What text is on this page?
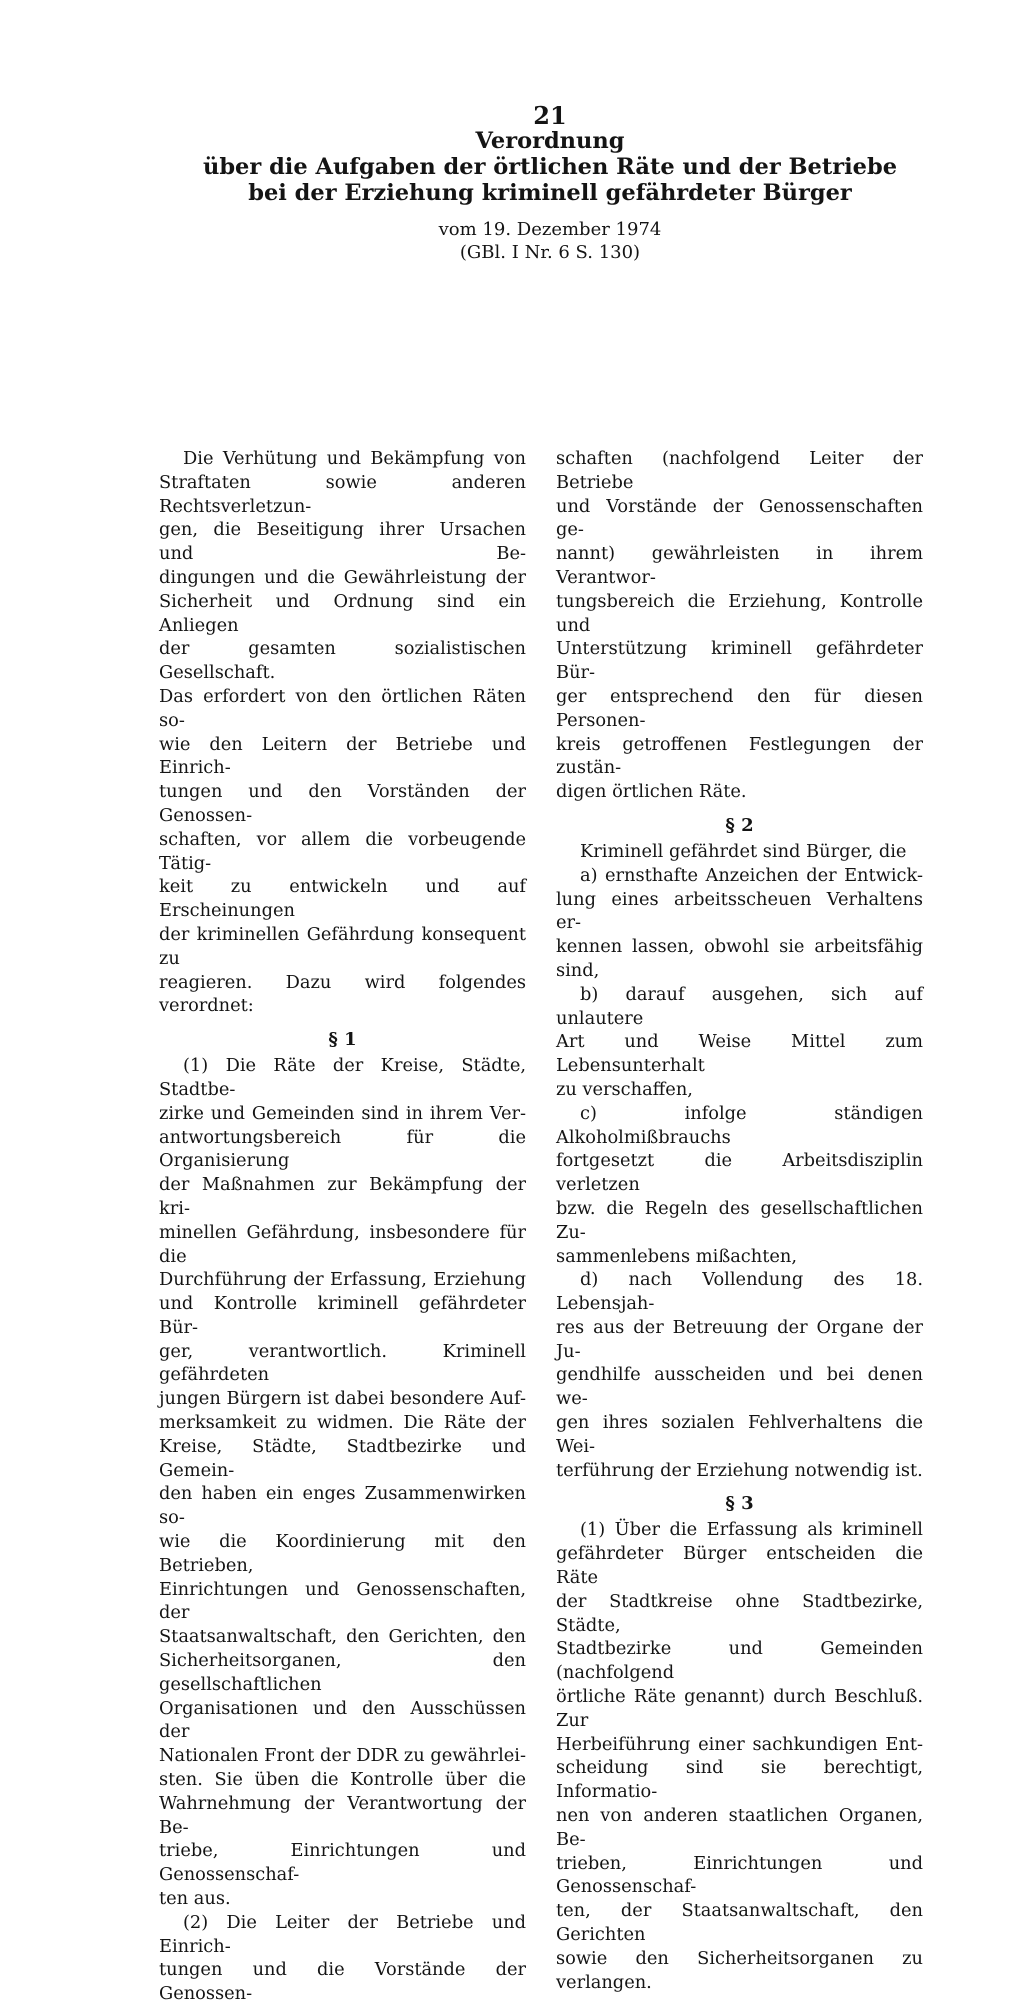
21
Verordnung
über die Aufgaben der örtlichen Räte und der Betriebe
bei der Erziehung kriminell gefährdeter Bürger
vom 19. Dezember 1974
(GBl. I Nr. 6 S. 130)
Die Verhütung und Bekämpfung von
Straftaten sowie anderen Rechtsverletzun-
gen, die Beseitigung ihrer Ursachen und Be-
dingungen und die Gewährleistung der
Sicherheit und Ordnung sind ein Anliegen
der gesamten sozialistischen Gesellschaft.
Das erfordert von den örtlichen Räten so-
wie den Leitern der Betriebe und Einrich-
tungen und den Vorständen der Genossen-
schaften, vor allem die vorbeugende Tätig-
keit zu entwickeln und auf Erscheinungen
der kriminellen Gefährdung konsequent zu
reagieren. Dazu wird folgendes verordnet:
§ 1
(1) Die Räte der Kreise, Städte, Stadtbe-
zirke und Gemeinden sind in ihrem Ver-
antwortungsbereich für die Organisierung
der Maßnahmen zur Bekämpfung der kri-
minellen Gefährdung, insbesondere für die
Durchführung der Erfassung, Erziehung
und Kontrolle kriminell gefährdeter Bür-
ger, verantwortlich. Kriminell gefährdeten
jungen Bürgern ist dabei besondere Auf-
merksamkeit zu widmen. Die Räte der
Kreise, Städte, Stadtbezirke und Gemein-
den haben ein enges Zusammenwirken so-
wie die Koordinierung mit den Betrieben,
Einrichtungen und Genossenschaften, der
Staatsanwaltschaft, den Gerichten, den
Sicherheitsorganen, den gesellschaftlichen
Organisationen und den Ausschüssen der
Nationalen Front der DDR zu gewährlei-
sten. Sie üben die Kontrolle über die
Wahrnehmung der Verantwortung der Be-
triebe, Einrichtungen und Genossenschaf-
ten aus.
(2) Die Leiter der Betriebe und Einrich-
tungen und die Vorstände der Genossen-
schaften (nachfolgend Leiter der Betriebe
und Vorstände der Genossenschaften ge-
nannt) gewährleisten in ihrem Verantwor-
tungsbereich die Erziehung, Kontrolle und
Unterstützung kriminell gefährdeter Bür-
ger entsprechend den für diesen Personen-
kreis getroffenen Festlegungen der zustän-
digen örtlichen Räte.
§ 2
Kriminell gefährdet sind Bürger, die
a) ernsthafte Anzeichen der Entwick-
lung eines arbeitsscheuen Verhaltens er-
kennen lassen, obwohl sie arbeitsfähig
sind,
b) darauf ausgehen, sich auf unlautere
Art und Weise Mittel zum Lebensunterhalt
zu verschaffen,
c) infolge ständigen Alkoholmißbrauchs
fortgesetzt die Arbeitsdisziplin verletzen
bzw. die Regeln des gesellschaftlichen Zu-
sammenlebens mißachten,
d) nach Vollendung des 18. Lebensjah-
res aus der Betreuung der Organe der Ju-
gendhilfe ausscheiden und bei denen we-
gen ihres sozialen Fehlverhaltens die Wei-
terführung der Erziehung notwendig ist.
§ 3
(1) Über die Erfassung als kriminell
gefährdeter Bürger entscheiden die Räte
der Stadtkreise ohne Stadtbezirke, Städte,
Stadtbezirke und Gemeinden (nachfolgend
örtliche Räte genannt) durch Beschluß. Zur
Herbeiführung einer sachkundigen Ent-
scheidung sind sie berechtigt, Informatio-
nen von anderen staatlichen Organen, Be-
trieben, Einrichtungen und Genossenschaf-
ten, der Staatsanwaltschaft, den Gerichten
sowie den Sicherheitsorganen zu verlangen.
